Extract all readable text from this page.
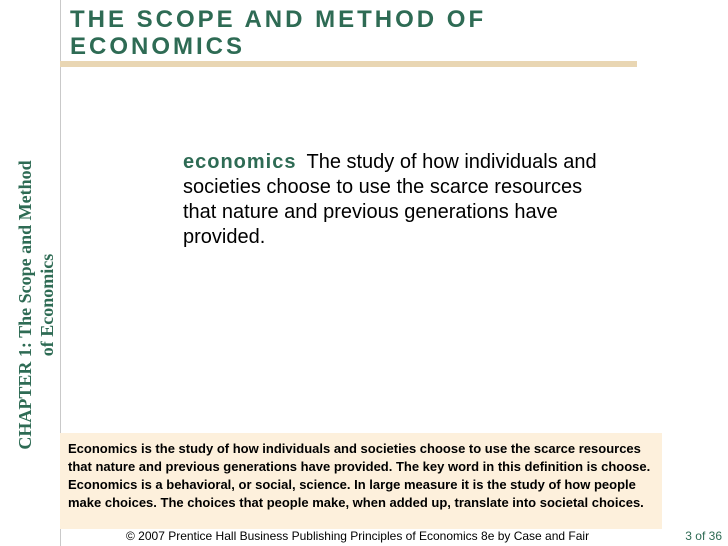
CHAPTER 1: The Scope and Method of Economics
THE SCOPE AND METHOD OF
ECONOMICS
economics The study of how individuals and societies choose to use the scarce resources that nature and previous generations have provided.
Economics is the study of how individuals and societies choose to use the scarce resources that nature and previous generations have provided. The key word in this definition is choose. Economics is a behavioral, or social, science. In large measure it is the study of how people make choices. The choices that people make, when added up, translate into societal choices.
© 2007 Prentice Hall Business Publishing Principles of Economics 8e by Case and Fair	3 of 36
